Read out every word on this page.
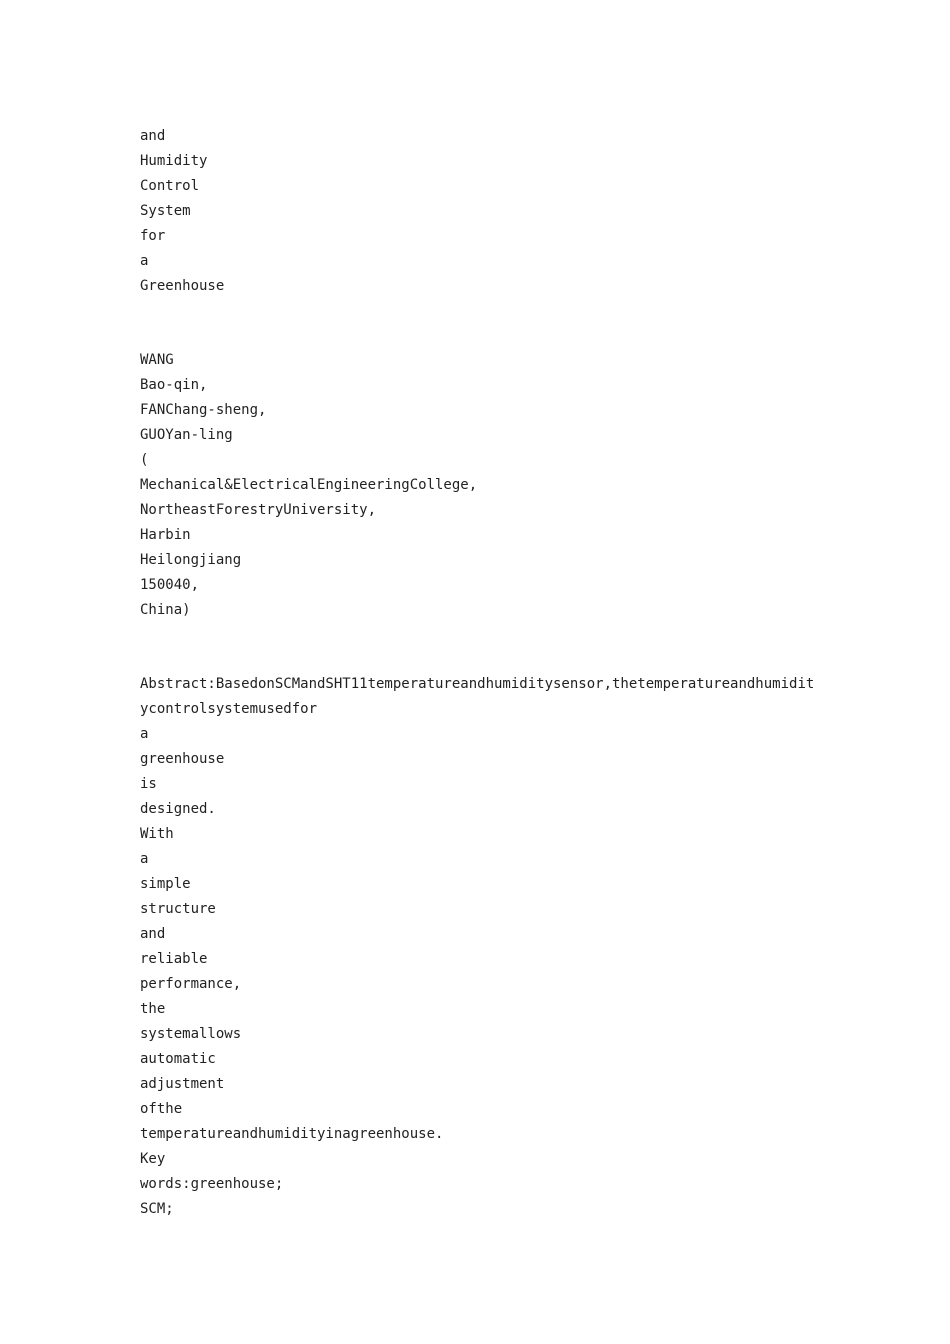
and
Humidity
Control
System
for
a
Greenhouse
WANG
Bao-qin,
FANChang-sheng,
GUOYan-ling
(
Mechanical&ElectricalEngineeringCollege,
NortheastForestryUniversity,
Harbin
Heilongjiang
150040,
China)
Abstract:BasedonSCMandSHT11temperatureandhumiditysensor,thetemperatureandhumidit
ycontrolsystemusedfor
a
greenhouse
is
designed.
With
a
simple
structure
and
reliable
performance,
the
systemallows
automatic
adjustment
ofthe
temperatureandhumidityinagreenhouse.
Key
words:greenhouse;
SCM;
